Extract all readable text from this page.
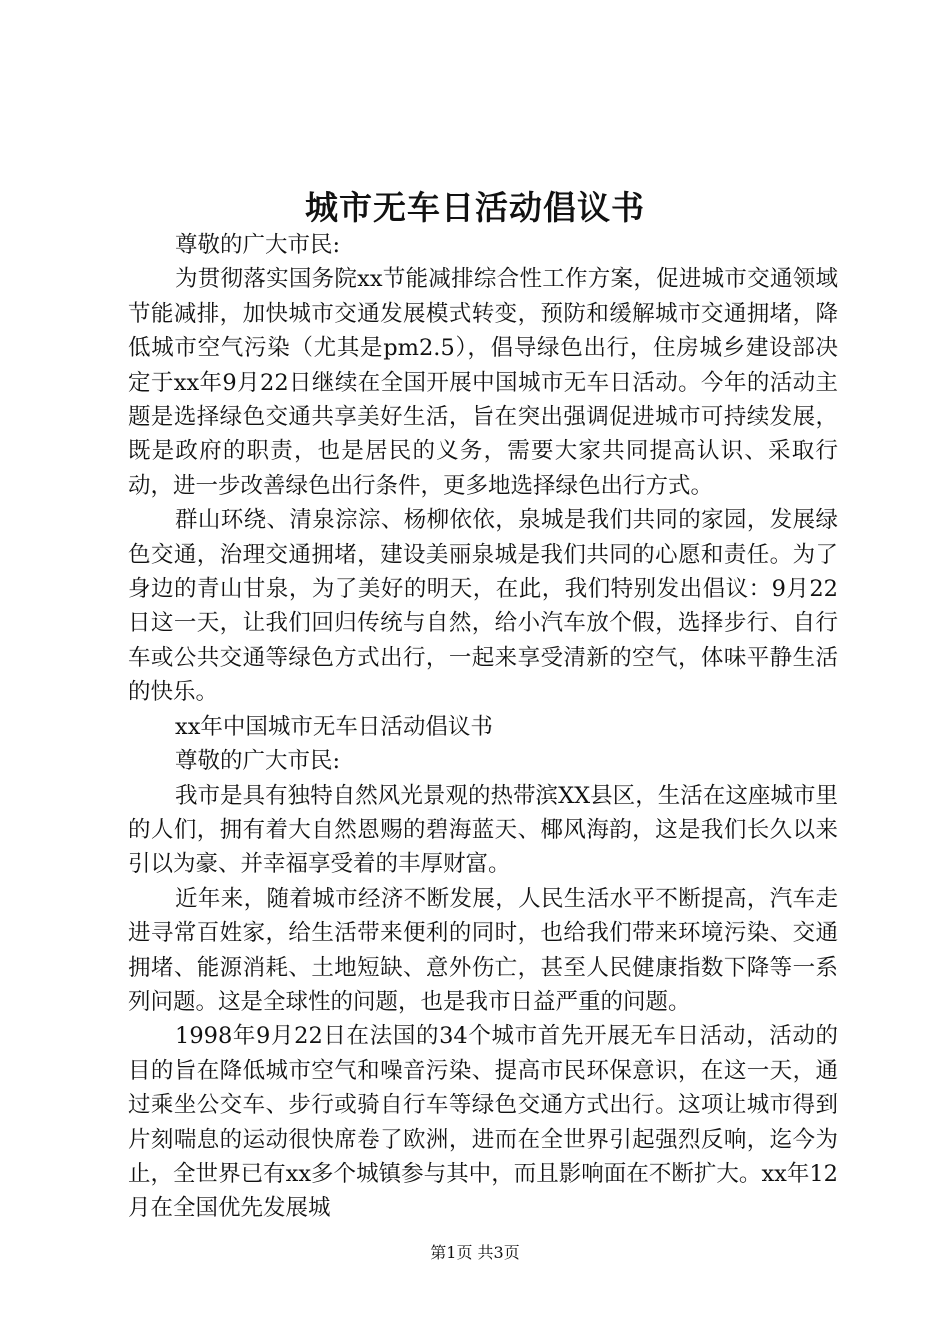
城市无车日活动倡议书

尊敬的广大市民:

为贯彻落实国务院xx节能减排综合性工作方案，促进城市交通领域节能减排，加快城市交通发展模式转变，预防和缓解城市交通拥堵，降低城市空气污染（尤其是pm2.5），倡导绿色出行，住房城乡建设部决定于xx年9月22日继续在全国开展中国城市无车日活动。今年的活动主题是选择绿色交通共享美好生活，旨在突出强调促进城市可持续发展，既是政府的职责，也是居民的义务，需要大家共同提高认识、采取行动，进一步改善绿色出行条件，更多地选择绿色出行方式。

群山环绕、清泉淙淙、杨柳依依，泉城是我们共同的家园，发展绿色交通，治理交通拥堵，建设美丽泉城是我们共同的心愿和责任。为了身边的青山甘泉，为了美好的明天，在此，我们特别发出倡议：9月22日这一天，让我们回归传统与自然，给小汽车放个假，选择步行、自行车或公共交通等绿色方式出行，一起来享受清新的空气，体味平静生活的快乐。

xx年中国城市无车日活动倡议书

尊敬的广大市民:

我市是具有独特自然风光景观的热带滨XX县区，生活在这座城市里的人们，拥有着大自然恩赐的碧海蓝天、椰风海韵，这是我们长久以来引以为豪、并幸福享受着的丰厚财富。

近年来，随着城市经济不断发展，人民生活水平不断提高，汽车走进寻常百姓家，给生活带来便利的同时，也给我们带来环境污染、交通拥堵、能源消耗、土地短缺、意外伤亡，甚至人民健康指数下降等一系列问题。这是全球性的问题，也是我市日益严重的问题。

1998年9月22日在法国的34个城市首先开展无车日活动，活动的目的旨在降低城市空气和噪音污染、提高市民环保意识，在这一天，通过乘坐公交车、步行或骑自行车等绿色交通方式出行。这项让城市得到片刻喘息的运动很快席卷了欧洲，进而在全世界引起强烈反响，迄今为止，全世界已有xx多个城镇参与其中，而且影响面在不断扩大。xx年12月在全国优先发展城

第1页 共3页
